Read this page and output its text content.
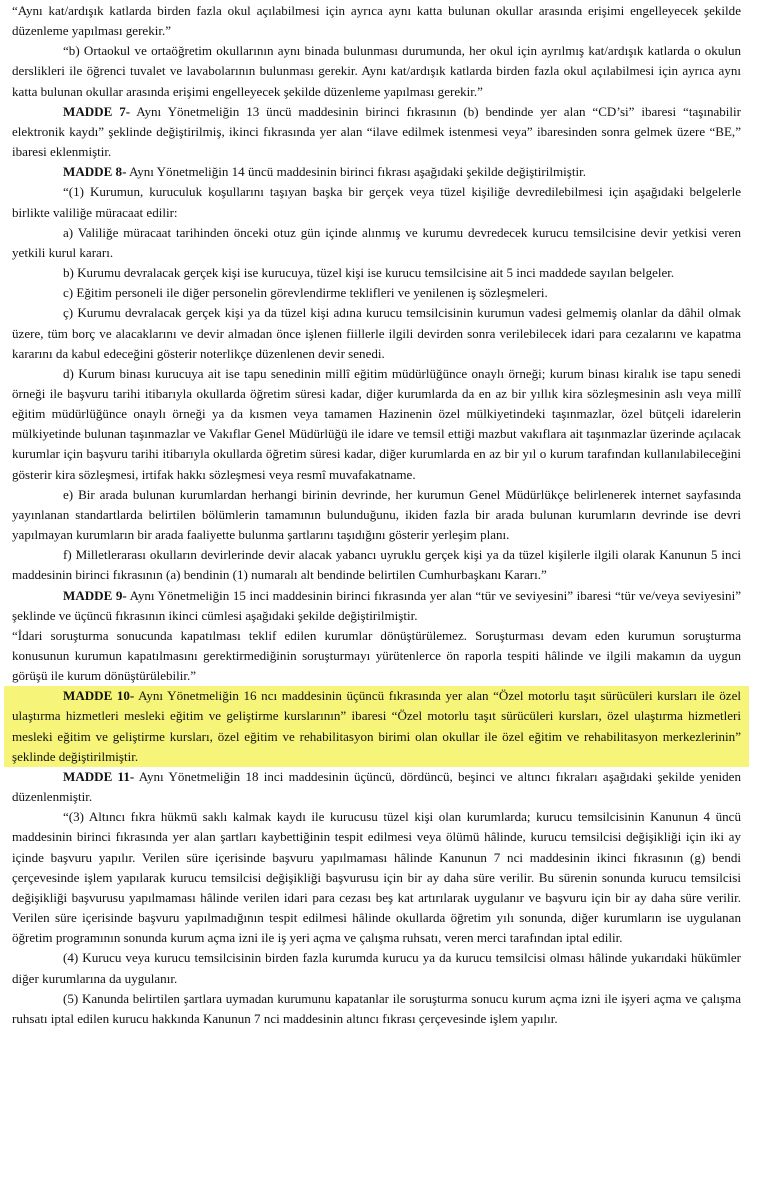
“Aynı kat/ardışık katlarda birden fazla okul açılabilmesi için ayrıca aynı katta bulunan okullar arasında erişimi engelleyecek şekilde düzenleme yapılması gerekir.”

“b) Ortaokul ve ortaöğretim okullarının aynı binada bulunması durumunda, her okul için ayrılmış kat/ardışık katlarda o okulun derslikleri ile öğrenci tuvalet ve lavabolarının bulunması gerekir. Aynı kat/ardışık katlarda birden fazla okul açılabilmesi için ayrıca aynı katta bulunan okullar arasında erişimi engelleyecek şekilde düzenleme yapılması gerekir.”

MADDE 7- Aynı Yönetmeliğin 13 üncü maddesinin birinci fıkrasının (b) bendinde yer alan “CD’si” ibaresi “taşınabilir elektronik kaydı” şeklinde değiştirilmiş, ikinci fıkrasında yer alan “ilave edilmek istenmesi veya” ibaresinden sonra gelmek üzere “BE,” ibaresi eklenmiştir.

MADDE 8- Aynı Yönetmeliğin 14 üncü maddesinin birinci fıkrası aşağıdaki şekilde değiştirilmiştir.

“(1) Kurumun, kuruculuk koşullarını taşıyan başka bir gerçek veya tüzel kişiliğe devredilebilmesi için aşağıdaki belgelerle birlikte valiliğe müracaat edilir:

a) Valiliğe müracaat tarihinden önceki otuz gün içinde alınmış ve kurumu devredecek kurucu temsilcisine devir yetkisi veren yetkili kurul kararı.

b) Kurumu devralacak gerçek kişi ise kurucuya, tüzel kişi ise kurucu temsilcisine ait 5 inci maddede sayılan belgeler.

c) Eğitim personeli ile diğer personelin görevlendirme teklifleri ve yenilenen iş sözleşmeleri.

ç) Kurumu devralacak gerçek kişi ya da tüzel kişi adına kurucu temsilcisinin kurumun vadesi gelmemiş olanlar da dâhil olmak üzere, tüm borç ve alacaklarını ve devir almadan önce işlenen fiillerle ilgili devirden sonra verilebilecek idari para cezalarını ve kapatma kararını da kabul edeceğini gösterir noterlikçe düzenlenen devir senedi.

d) Kurum binası kurucuya ait ise tapu senedinin millî eğitim müdürlüğünce onaylı örneği; kurum binası kiralık ise tapu senedi örneği ile başvuru tarihi itibarıyla okullarda öğretim süresi kadar, diğer kurumlarda da en az bir yıllık kira sözleşmesinin aslı veya millî eğitim müdürlüğünce onaylı örneği ya da kısmen veya tamamen Hazinenin özel mülkiyetindeki taşınmazlar, özel bütçeli idarelerin mülkiyetinde bulunan taşınmazlar ve Vakıflar Genel Müdürlüğü ile idare ve temsil ettiği mazbut vakıflara ait taşınmazlar üzerinde açılacak kurumlar için başvuru tarihi itibarıyla okullarda öğretim süresi kadar, diğer kurumlarda en az bir yıl o kurum tarafından kullanılabileceğini gösterir kira sözleşmesi, irtifak hakkı sözleşmesi veya resmî muvafakatname.

e) Bir arada bulunan kurumlardan herhangi birinin devrinde, her kurumun Genel Müdürlükçe belirlenerek internet sayfasında yayınlanan standartlarda belirtilen bölümlerin tamamının bulunduğunu, ikiden fazla bir arada bulunan kurumların devrinde ise devri yapılmayan kurumların bir arada faaliyette bulunma şartlarını taşıdığını gösterir yerleşim planı.

f) Milletlerarası okulların devirlerinde devir alacak yabancı uyruklu gerçek kişi ya da tüzel kişilerle ilgili olarak Kanunun 5 inci maddesinin birinci fıkrasının (a) bendinin (1) numaralı alt bendinde belirtilen Cumhurbaşkanı Kararı.”

MADDE 9- Aynı Yönetmeliğin 15 inci maddesinin birinci fıkrasında yer alan “tür ve seviyesini” ibaresi “tür ve/veya seviyesini” şeklinde ve üçüncü fıkrasının ikinci cümlesi aşağıdaki şekilde değiştirilmiştir.

“İdari soruşturma sonucunda kapatılması teklif edilen kurumlar dönüştürülemez. Soruşturması devam eden kurumun soruşturma konusunun kurumun kapatılmasını gerektirmediğinin soruşturmayı yürütenlerce ön raporla tespiti hâlinde ve ilgili makamın da uygun görüşü ile kurum dönüştürülebilir.”

MADDE 10- Aynı Yönetmeliğin 16 ncı maddesinin üçüncü fıkrasında yer alan “Özel motorlu taşıt sürücüleri kursları ile özel ulaştırma hizmetleri mesleki eğitim ve geliştirme kurslarının” ibaresi “Özel motorlu taşıt sürücüleri kursları, özel ulaştırma hizmetleri mesleki eğitim ve geliştirme kursları, özel eğitim ve rehabilitasyon birimi olan okullar ile özel eğitim ve rehabilitasyon merkezlerinin” şeklinde değiştirilmiştir.

MADDE 11- Aynı Yönetmeliğin 18 inci maddesinin üçüncü, dördüncü, beşinci ve altıncı fıkraları aşağıdaki şekilde yeniden düzenlenmiştir.

“(3) Altıncı fıkra hükmü saklı kalmak kaydı ile kurucusu tüzel kişi olan kurumlarda; kurucu temsilcisinin Kanunun 4 üncü maddesinin birinci fıkrasında yer alan şartları kaybettiğinin tespit edilmesi veya ölümü hâlinde, kurucu temsilcisi değişikliği için iki ay içinde başvuru yapılır. Verilen süre içerisinde başvuru yapılmaması hâlinde Kanunun 7 nci maddesinin ikinci fıkrasının (g) bendi çerçevesinde işlem yapılarak kurucu temsilcisi değişikliği başvurusu için bir ay daha süre verilir. Bu sürenin sonunda kurucu temsilcisi değişikliği başvurusu yapılmaması hâlinde verilen idari para cezası beş kat artırılarak uygulanır ve başvuru için bir ay daha süre verilir. Verilen süre içerisinde başvuru yapılmadığının tespit edilmesi hâlinde okullarda öğretim yılı sonunda, diğer kurumların ise uygulanan öğretim programının sonunda kurum açma izni ile iş yeri açma ve çalışma ruhsatı, veren merci tarafından iptal edilir.

(4) Kurucu veya kurucu temsilcisinin birden fazla kurumda kurucu ya da kurucu temsilcisi olması hâlinde yukarıdaki hükümler diğer kurumlarına da uygulanır.

(5) Kanunda belirtilen şartlara uymadan kurumunu kapatanlar ile soruşturma sonucu kurum açma izni ile işyeri açma ve çalışma ruhsatı iptal edilen kurucu hakkında Kanunun 7 nci maddesinin altıncı fıkrası çerçevesinde işlem yapılır.
